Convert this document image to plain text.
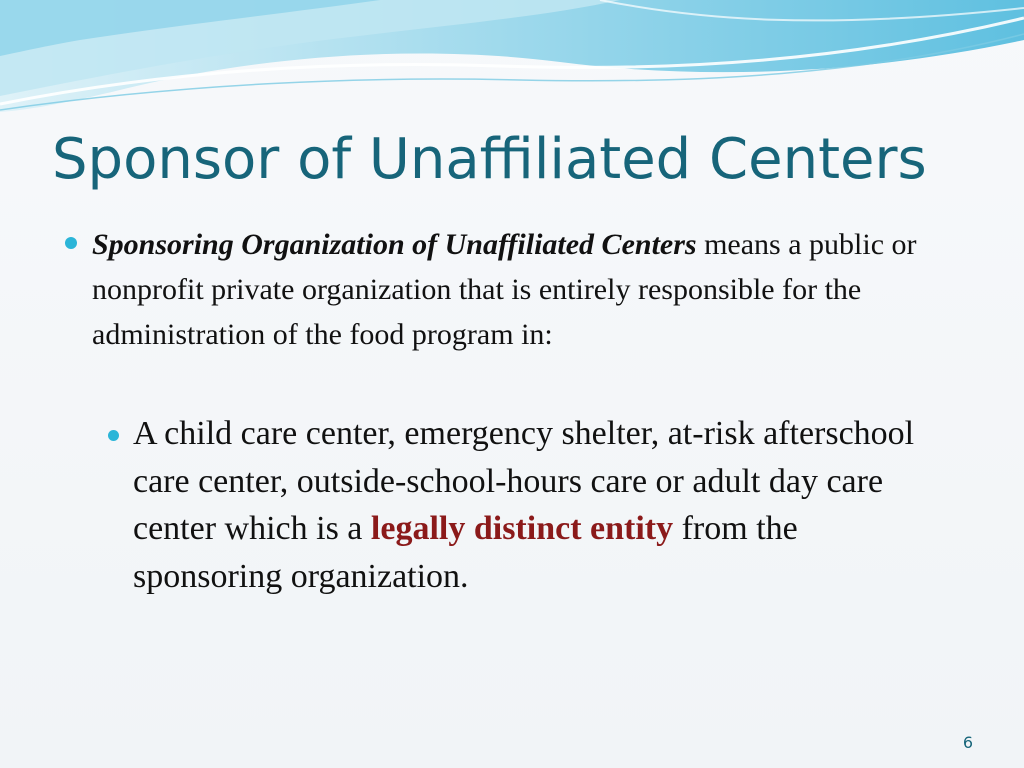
Sponsor of Unaffiliated Centers

Sponsoring Organization of Unaffiliated Centers means a public or nonprofit private organization that is entirely responsible for the administration of the food program in:

A child care center, emergency shelter, at-risk afterschool care center, outside-school-hours care or adult day care center which is a legally distinct entity from the sponsoring organization.

6
